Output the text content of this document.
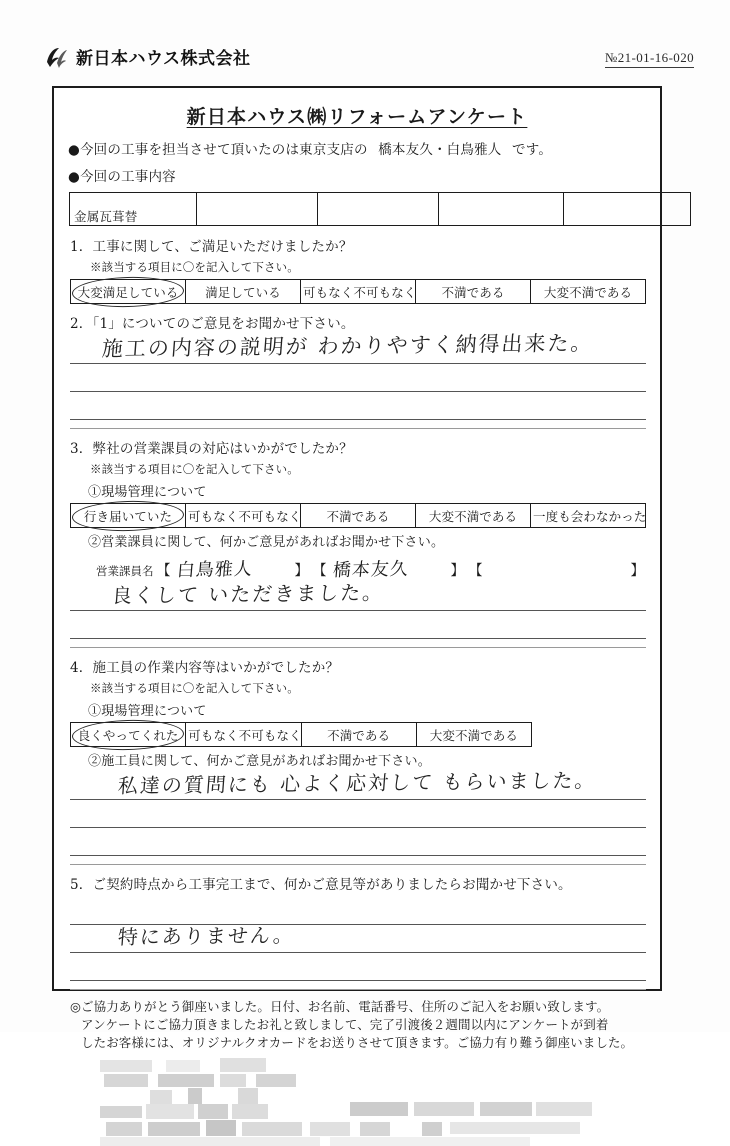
新日本ハウス株式会社	№21-01-16-020
新日本ハウス㈱リフォームアンケート
●今回の工事を担当させて頂いたのは東京支店の 橋本友久・白鳥雅人 です。
●今回の工事内容
金属瓦葺替				
1．工事に関して、ご満足いただけましたか？
※該当する項目に〇を記入して下さい。
大変満足している	満足している	可もなく不可もなく	不満である	大変不満である
2．「1」についてのご意見をお聞かせ下さい。
施工の内容の説明が わかりやすく納得出来た。
3．弊社の営業課員の対応はいかがでしたか？
※該当する項目に〇を記入して下さい。
①現場管理について
行き届いていた	可もなく不可もなく	不満である	大変不満である	一度も会わなかった
②営業課員に関して、何かご意見があればお聞かせ下さい。
営業課員名 【 白鳥雅人	】 【 橋本友久	】 【	】
良くして いただきました。
4．施工員の作業内容等はいかがでしたか？
※該当する項目に〇を記入して下さい。
①現場管理について
良くやってくれた	可もなく不可もなく	不満である	大変不満である
②施工員に関して、何かご意見があればお聞かせ下さい。
私達の質問にも 心よく応対して もらいました。
5．ご契約時点から工事完工まで、何かご意見等がありましたらお聞かせ下さい。
特にありません。
◎ご協力ありがとう御座いました。日付、お名前、電話番号、住所のご記入をお願い致します。
アンケートにご協力頂きましたお礼と致しまして、完了引渡後２週間以内にアンケートが到着
したお客様には、オリジナルクオカードをお送りさせて頂きます。ご協力有り難う御座いました。
